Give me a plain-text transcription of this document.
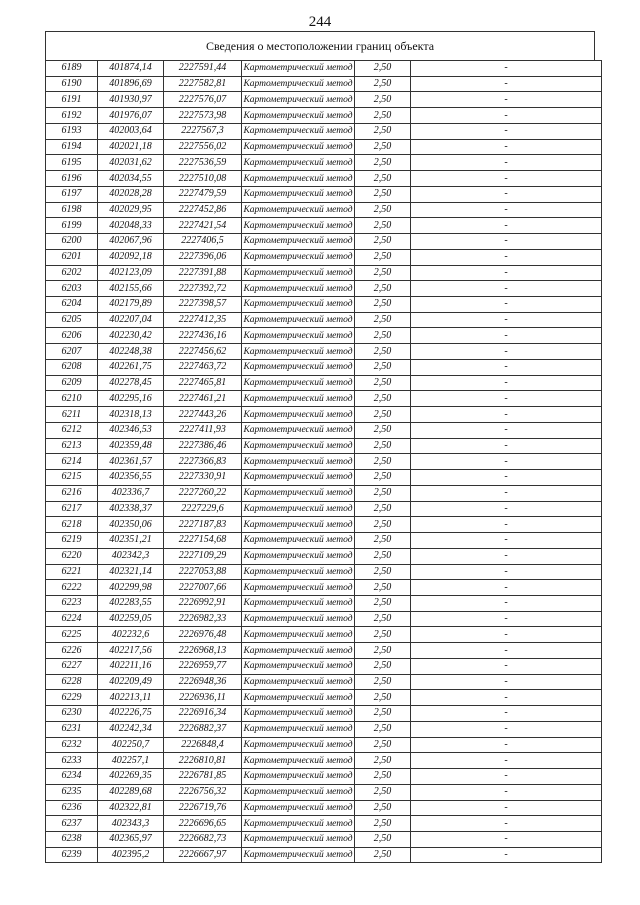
244
Сведения о местоположении границ объекта
6189	401874,14	2227591,44	Картометрический метод	2,50	-
6190	401896,69	2227582,81	Картометрический метод	2,50	-
6191	401930,97	2227576,07	Картометрический метод	2,50	-
6192	401976,07	2227573,98	Картометрический метод	2,50	-
6193	402003,64	2227567,3	Картометрический метод	2,50	-
6194	402021,18	2227556,02	Картометрический метод	2,50	-
6195	402031,62	2227536,59	Картометрический метод	2,50	-
6196	402034,55	2227510,08	Картометрический метод	2,50	-
6197	402028,28	2227479,59	Картометрический метод	2,50	-
6198	402029,95	2227452,86	Картометрический метод	2,50	-
6199	402048,33	2227421,54	Картометрический метод	2,50	-
6200	402067,96	2227406,5	Картометрический метод	2,50	-
6201	402092,18	2227396,06	Картометрический метод	2,50	-
6202	402123,09	2227391,88	Картометрический метод	2,50	-
6203	402155,66	2227392,72	Картометрический метод	2,50	-
6204	402179,89	2227398,57	Картометрический метод	2,50	-
6205	402207,04	2227412,35	Картометрический метод	2,50	-
6206	402230,42	2227436,16	Картометрический метод	2,50	-
6207	402248,38	2227456,62	Картометрический метод	2,50	-
6208	402261,75	2227463,72	Картометрический метод	2,50	-
6209	402278,45	2227465,81	Картометрический метод	2,50	-
6210	402295,16	2227461,21	Картометрический метод	2,50	-
6211	402318,13	2227443,26	Картометрический метод	2,50	-
6212	402346,53	2227411,93	Картометрический метод	2,50	-
6213	402359,48	2227386,46	Картометрический метод	2,50	-
6214	402361,57	2227366,83	Картометрический метод	2,50	-
6215	402356,55	2227330,91	Картометрический метод	2,50	-
6216	402336,7	2227260,22	Картометрический метод	2,50	-
6217	402338,37	2227229,6	Картометрический метод	2,50	-
6218	402350,06	2227187,83	Картометрический метод	2,50	-
6219	402351,21	2227154,68	Картометрический метод	2,50	-
6220	402342,3	2227109,29	Картометрический метод	2,50	-
6221	402321,14	2227053,88	Картометрический метод	2,50	-
6222	402299,98	2227007,66	Картометрический метод	2,50	-
6223	402283,55	2226992,91	Картометрический метод	2,50	-
6224	402259,05	2226982,33	Картометрический метод	2,50	-
6225	402232,6	2226976,48	Картометрический метод	2,50	-
6226	402217,56	2226968,13	Картометрический метод	2,50	-
6227	402211,16	2226959,77	Картометрический метод	2,50	-
6228	402209,49	2226948,36	Картометрический метод	2,50	-
6229	402213,11	2226936,11	Картометрический метод	2,50	-
6230	402226,75	2226916,34	Картометрический метод	2,50	-
6231	402242,34	2226882,37	Картометрический метод	2,50	-
6232	402250,7	2226848,4	Картометрический метод	2,50	-
6233	402257,1	2226810,81	Картометрический метод	2,50	-
6234	402269,35	2226781,85	Картометрический метод	2,50	-
6235	402289,68	2226756,32	Картометрический метод	2,50	-
6236	402322,81	2226719,76	Картометрический метод	2,50	-
6237	402343,3	2226696,65	Картометрический метод	2,50	-
6238	402365,97	2226682,73	Картометрический метод	2,50	-
6239	402395,2	2226667,97	Картометрический метод	2,50	-
